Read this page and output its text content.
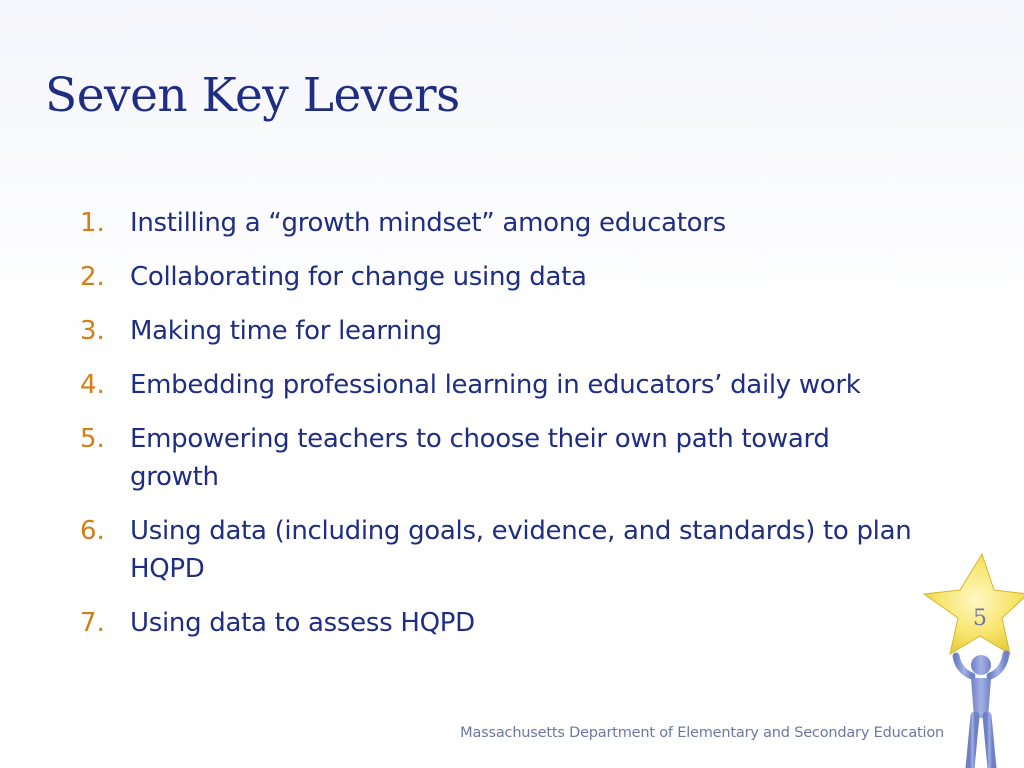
Seven Key Levers
1. Instilling a “growth mindset” among educators
2. Collaborating for change using data
3. Making time for learning
4. Embedding professional learning in educators’ daily work
5. Empowering teachers to choose their own path toward growth
6. Using data (including goals, evidence, and standards) to plan HQPD
7. Using data to assess HQPD	5
Massachusetts Department of Elementary and Secondary Education
